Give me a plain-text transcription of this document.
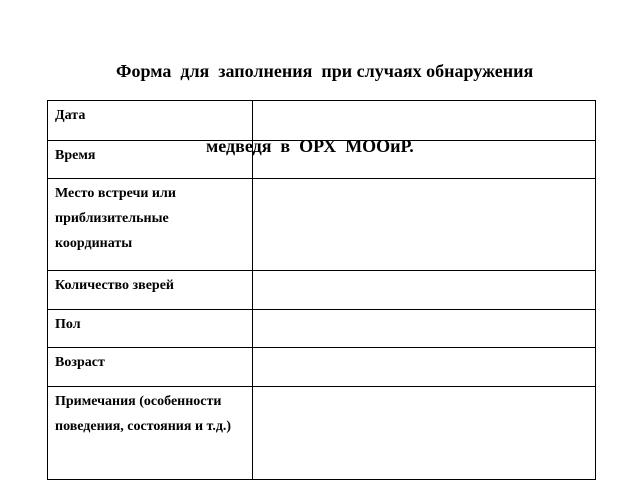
Форма  для  заполнения  при случаях обнаружения

медведя  в  ОРХ  МООиР.

Дата	
Время	
Место встречи или приблизительные координаты	
Количество зверей	
Пол	
Возраст	
Примечания (особенности поведения, состояния и т.д.)	
